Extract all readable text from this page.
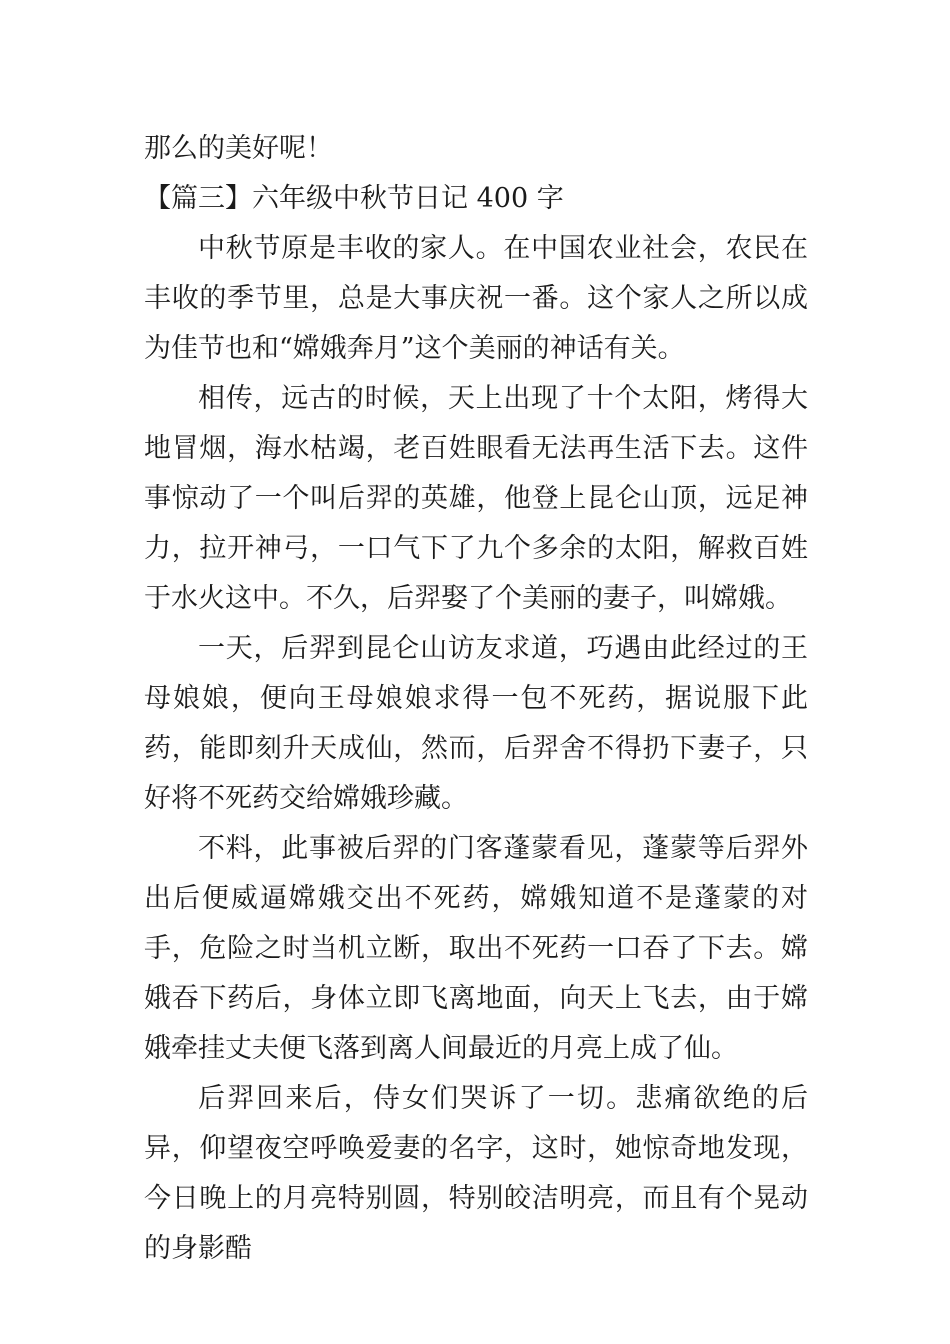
那么的美好呢！

【篇三】六年级中秋节日记 400 字

中秋节原是丰收的家人。在中国农业社会，农民在丰收的季节里，总是大事庆祝一番。这个家人之所以成为佳节也和“嫦娥奔月”这个美丽的神话有关。

相传，远古的时候，天上出现了十个太阳，烤得大地冒烟，海水枯竭，老百姓眼看无法再生活下去。这件事惊动了一个叫后羿的英雄，他登上昆仑山顶，远足神力，拉开神弓，一口气下了九个多余的太阳，解救百姓于水火这中。不久，后羿娶了个美丽的妻子，叫嫦娥。

一天，后羿到昆仑山访友求道，巧遇由此经过的王母娘娘，便向王母娘娘求得一包不死药，据说服下此药，能即刻升天成仙，然而，后羿舍不得扔下妻子，只好将不死药交给嫦娥珍藏。

不料，此事被后羿的门客蓬蒙看见，蓬蒙等后羿外出后便威逼嫦娥交出不死药，嫦娥知道不是蓬蒙的对手，危险之时当机立断，取出不死药一口吞了下去。嫦娥吞下药后，身体立即飞离地面，向天上飞去，由于嫦娥牵挂丈夫便飞落到离人间最近的月亮上成了仙。

后羿回来后，侍女们哭诉了一切。悲痛欲绝的后异，仰望夜空呼唤爱妻的名字，这时，她惊奇地发现，今日晚上的月亮特别圆，特别皎洁明亮，而且有个晃动的身影酷
